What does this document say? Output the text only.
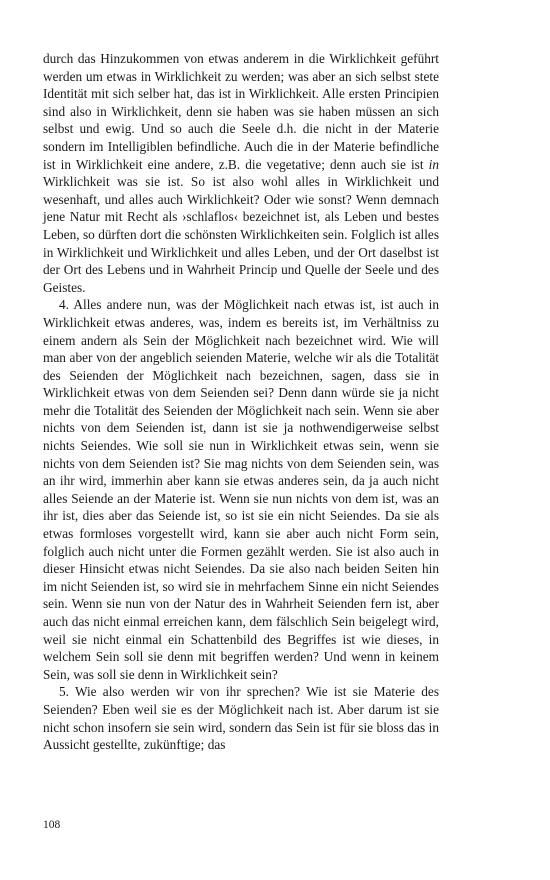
durch das Hinzukommen von etwas anderem in die Wirklichkeit geführt werden um etwas in Wirklichkeit zu werden; was aber an sich selbst stete Identität mit sich selber hat, das ist in Wirklichkeit. Alle ersten Principien sind also in Wirklichkeit, denn sie haben was sie haben müssen an sich selbst und ewig. Und so auch die Seele d.h. die nicht in der Materie sondern im Intelligiblen befindliche. Auch die in der Materie befindliche ist in Wirklichkeit eine andere, z.B. die vegetative; denn auch sie ist in Wirklichkeit was sie ist. So ist also wohl alles in Wirklichkeit und wesenhaft, und alles auch Wirklichkeit? Oder wie sonst? Wenn demnach jene Natur mit Recht als ›schlaflos‹ bezeichnet ist, als Leben und bestes Leben, so dürften dort die schönsten Wirklichkeiten sein. Folglich ist alles in Wirklichkeit und Wirklichkeit und alles Leben, und der Ort daselbst ist der Ort des Lebens und in Wahrheit Princip und Quelle der Seele und des Geistes.

4. Alles andere nun, was der Möglichkeit nach etwas ist, ist auch in Wirklichkeit etwas anderes, was, indem es bereits ist, im Verhältniss zu einem andern als Sein der Möglichkeit nach bezeichnet wird. Wie will man aber von der angeblich seienden Materie, welche wir als die Totalität des Seienden der Möglichkeit nach bezeichnen, sagen, dass sie in Wirklichkeit etwas von dem Seienden sei? Denn dann würde sie ja nicht mehr die Totalität des Seienden der Möglichkeit nach sein. Wenn sie aber nichts von dem Seienden ist, dann ist sie ja nothwendigerweise selbst nichts Seiendes. Wie soll sie nun in Wirklichkeit etwas sein, wenn sie nichts von dem Seienden ist? Sie mag nichts von dem Seienden sein, was an ihr wird, immerhin aber kann sie etwas anderes sein, da ja auch nicht alles Seiende an der Materie ist. Wenn sie nun nichts von dem ist, was an ihr ist, dies aber das Seiende ist, so ist sie ein nicht Seiendes. Da sie als etwas formloses vorgestellt wird, kann sie aber auch nicht Form sein, folglich auch nicht unter die Formen gezählt werden. Sie ist also auch in dieser Hinsicht etwas nicht Seiendes. Da sie also nach beiden Seiten hin im nicht Seienden ist, so wird sie in mehrfachem Sinne ein nicht Seiendes sein. Wenn sie nun von der Natur des in Wahrheit Seienden fern ist, aber auch das nicht einmal erreichen kann, dem fälschlich Sein beigelegt wird, weil sie nicht einmal ein Schattenbild des Begriffes ist wie dieses, in welchem Sein soll sie denn mit begriffen werden? Und wenn in keinem Sein, was soll sie denn in Wirklichkeit sein?

5. Wie also werden wir von ihr sprechen? Wie ist sie Materie des Seienden? Eben weil sie es der Möglichkeit nach ist. Aber darum ist sie nicht schon insofern sie sein wird, sondern das Sein ist für sie bloss das in Aussicht gestellte, zukünftige; das

108
